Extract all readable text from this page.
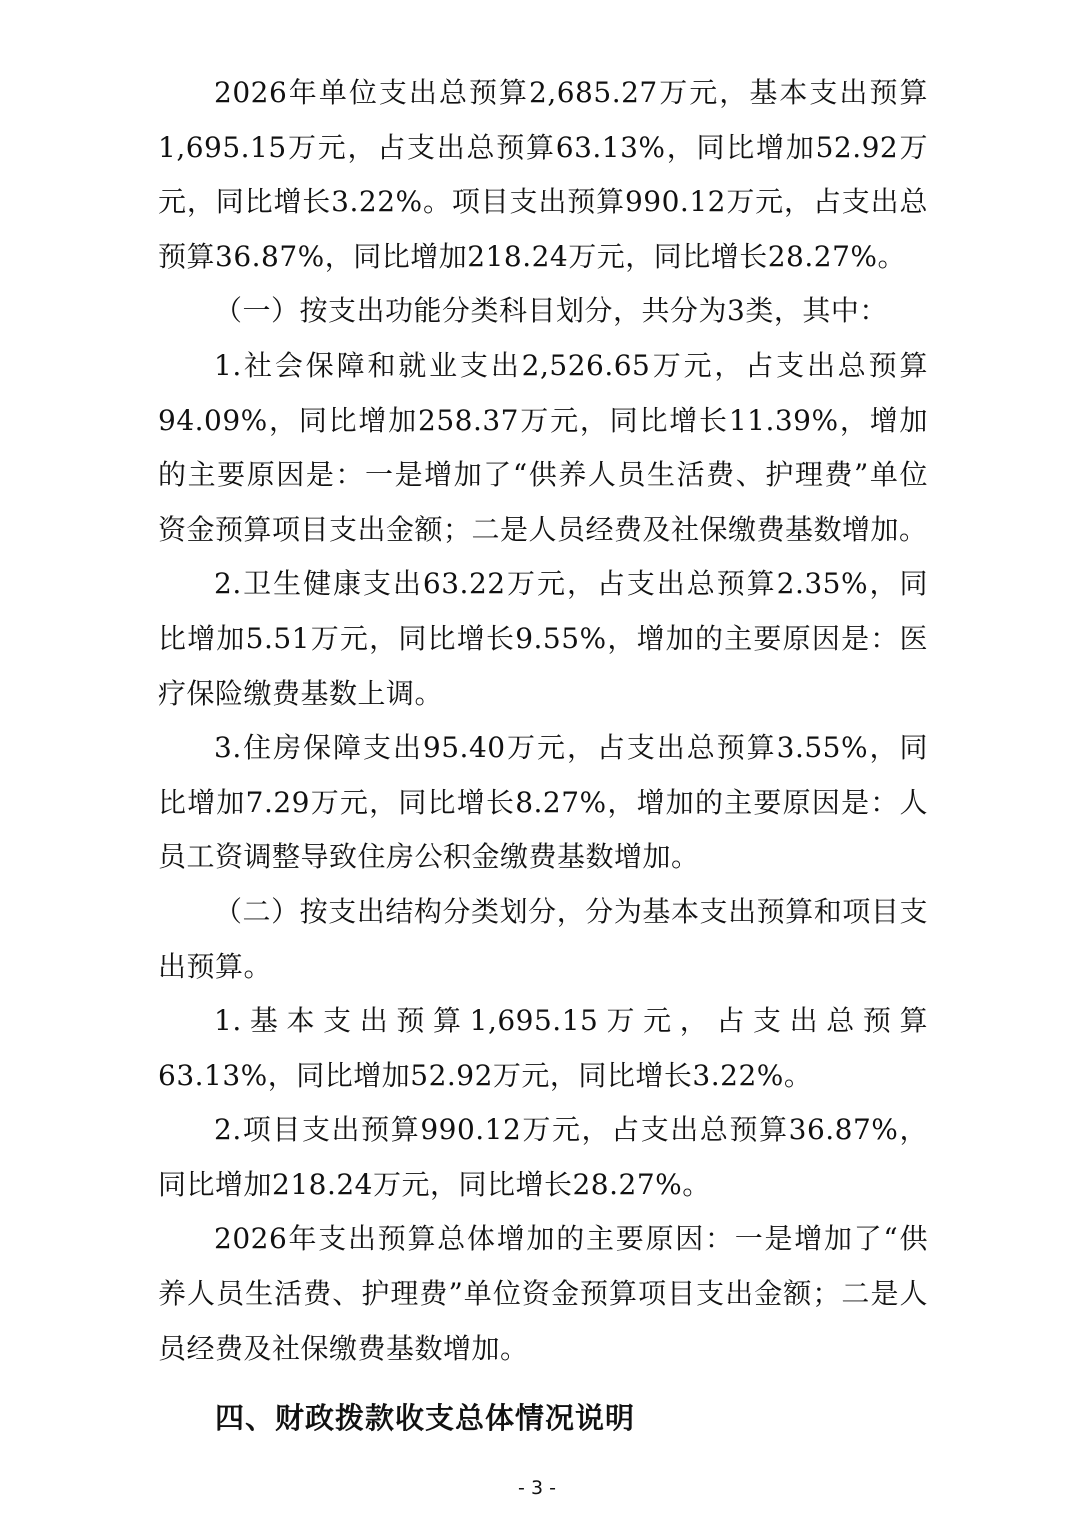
2026年单位支出总预算2,685.27万元，基本支出预算1,695.15万元，占支出总预算63.13%，同比增加52.92万元，同比增长3.22%。项目支出预算990.12万元，占支出总预算36.87%，同比增加218.24万元，同比增长28.27%。

（一）按支出功能分类科目划分，共分为3类，其中：

1.社会保障和就业支出2,526.65万元，占支出总预算94.09%，同比增加258.37万元，同比增长11.39%，增加的主要原因是：一是增加了“供养人员生活费、护理费”单位资金预算项目支出金额；二是人员经费及社保缴费基数增加。

2.卫生健康支出63.22万元，占支出总预算2.35%，同比增加5.51万元，同比增长9.55%，增加的主要原因是：医疗保险缴费基数上调。

3.住房保障支出95.40万元，占支出总预算3.55%，同比增加7.29万元，同比增长8.27%，增加的主要原因是：人员工资调整导致住房公积金缴费基数增加。

（二）按支出结构分类划分，分为基本支出预算和项目支出预算。

1.基本支出预算1,695.15万元，占支出总预算63.13%，同比增加52.92万元，同比增长3.22%。

2.项目支出预算990.12万元，占支出总预算36.87%，同比增加218.24万元，同比增长28.27%。

2026年支出预算总体增加的主要原因：一是增加了“供养人员生活费、护理费”单位资金预算项目支出金额；二是人员经费及社保缴费基数增加。

四、财政拨款收支总体情况说明
- 3 -
